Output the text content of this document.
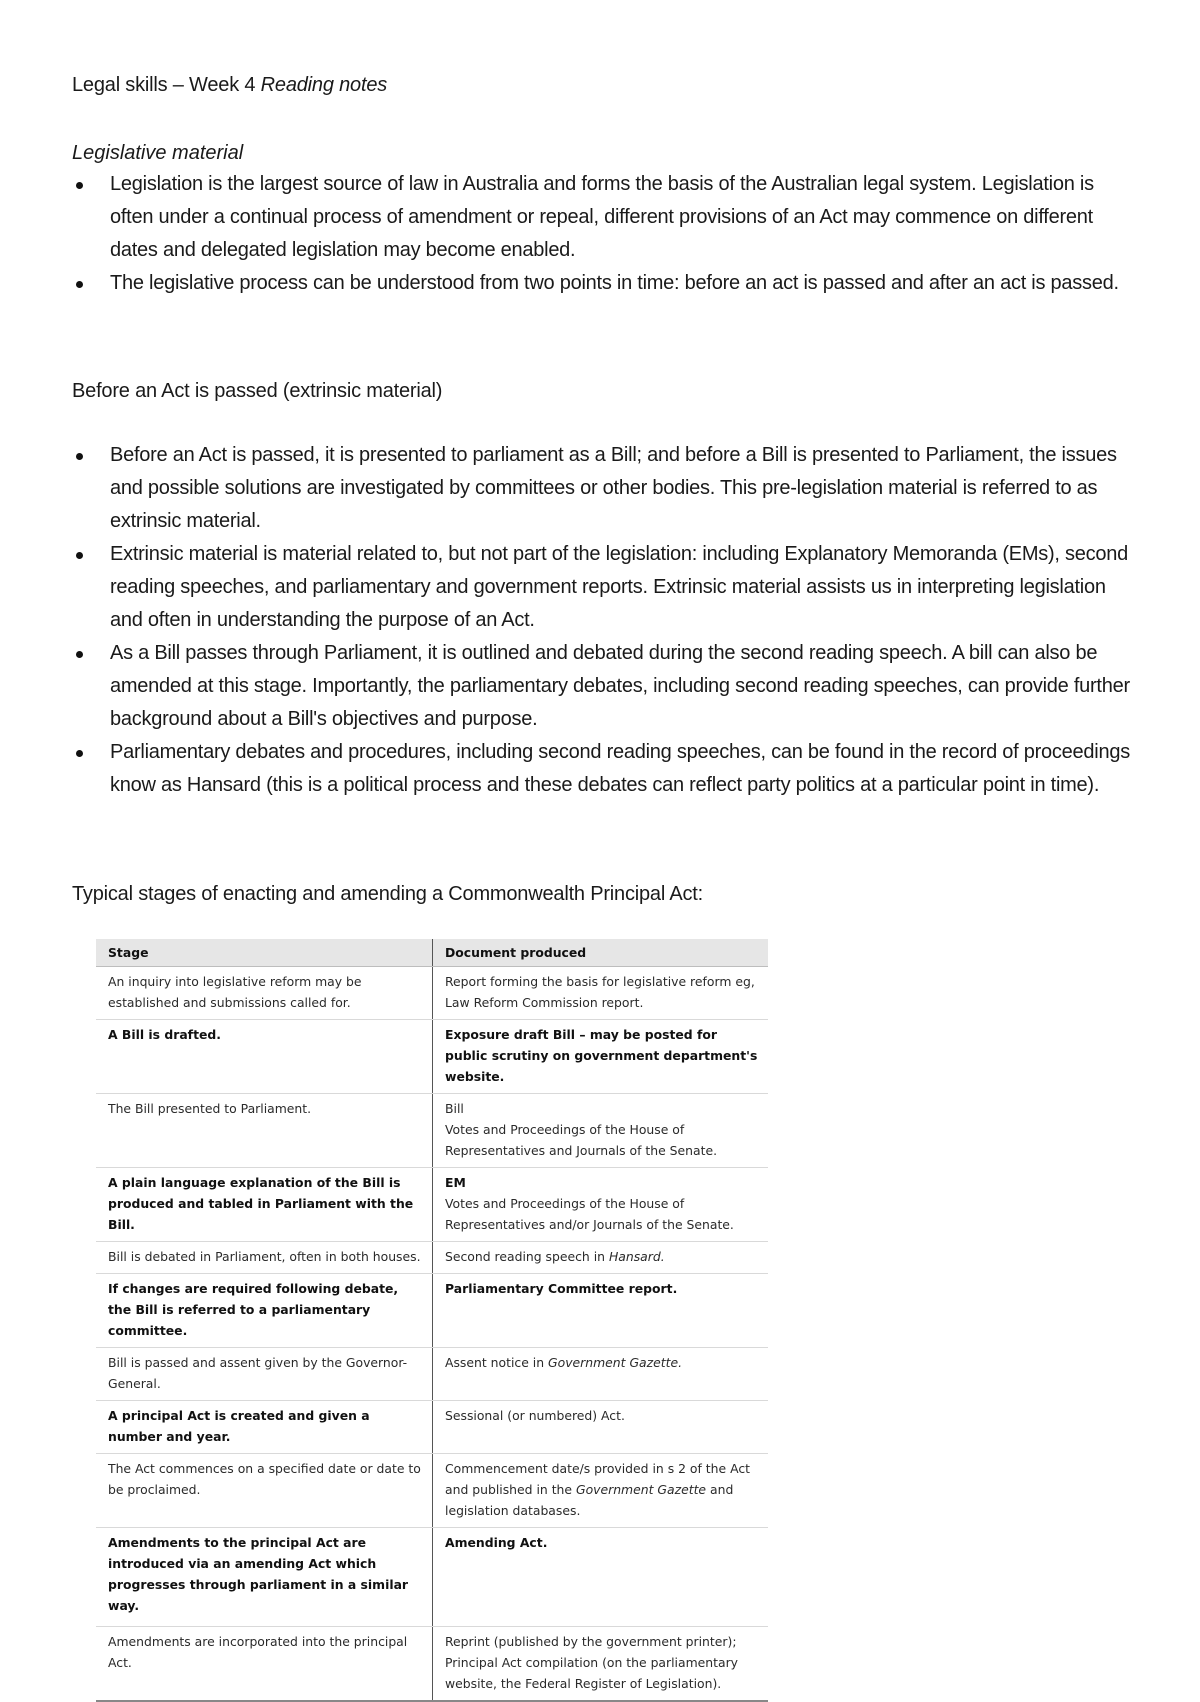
Legal skills – Week 4 Reading notes
Legislative material
Legislation is the largest source of law in Australia and forms the basis of the Australian legal system. Legislation is often under a continual process of amendment or repeal, different provisions of an Act may commence on different dates and delegated legislation may become enabled.
The legislative process can be understood from two points in time: before an act is passed and after an act is passed.
Before an Act is passed (extrinsic material)
Before an Act is passed, it is presented to parliament as a Bill; and before a Bill is presented to Parliament, the issues and possible solutions are investigated by committees or other bodies. This pre-legislation material is referred to as extrinsic material.
Extrinsic material is material related to, but not part of the legislation: including Explanatory Memoranda (EMs), second reading speeches, and parliamentary and government reports. Extrinsic material assists us in interpreting legislation and often in understanding the purpose of an Act.
As a Bill passes through Parliament, it is outlined and debated during the second reading speech. A bill can also be amended at this stage. Importantly, the parliamentary debates, including second reading speeches, can provide further background about a Bill's objectives and purpose.
Parliamentary debates and procedures, including second reading speeches, can be found in the record of proceedings know as Hansard (this is a political process and these debates can reflect party politics at a particular point in time).
Typical stages of enacting and amending a Commonwealth Principal Act:
Stage	Document produced
An inquiry into legislative reform may be established and submissions called for.	Report forming the basis for legislative reform eg, Law Reform Commission report.
A Bill is drafted.	Exposure draft Bill – may be posted for public scrutiny on government department's website.
The Bill presented to Parliament.	Bill
Votes and Proceedings of the House of Representatives and Journals of the Senate.

A plain language explanation of the Bill is produced and tabled in Parliament with the Bill.	EM
Votes and Proceedings of the House of Representatives and/or Journals of the Senate.

Bill is debated in Parliament, often in both houses.	Second reading speech in Hansard.
If changes are required following debate, the Bill is referred to a parliamentary committee.	Parliamentary Committee report.
Bill is passed and assent given by the Governor-General.	Assent notice in Government Gazette.
A principal Act is created and given a number and year.	Sessional (or numbered) Act.
The Act commences on a specified date or date to be proclaimed.	Commencement date/s provided in s 2 of the Act and published in the Government Gazette and legislation databases.
Amendments to the principal Act are introduced via an amending Act which progresses through parliament in a similar way.	Amending Act.
Amendments are incorporated into the principal Act.	Reprint (published by the government printer); Principal Act compilation (on the parliamentary website, the Federal Register of Legislation).
